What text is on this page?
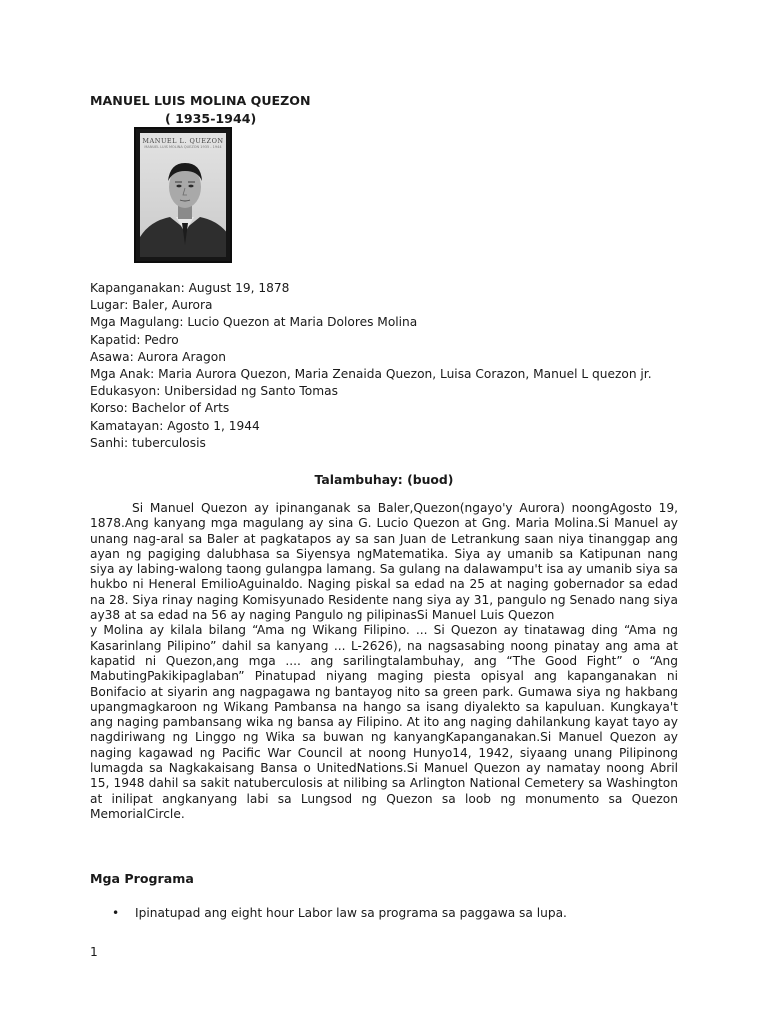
MANUEL LUIS MOLINA QUEZON
( 1935-1944)
MANUEL L. QUEZON
MANUEL LUIS MOLINA QUEZON 1935 - 1944
Kapanganakan: August 19, 1878
Lugar: Baler, Aurora
Mga Magulang: Lucio Quezon at Maria Dolores Molina
Kapatid: Pedro
Asawa: Aurora Aragon
Mga Anak: Maria Aurora Quezon, Maria Zenaida Quezon, Luisa Corazon, Manuel L quezon jr.
Edukasyon: Unibersidad ng Santo Tomas
Korso: Bachelor of Arts
Kamatayan: Agosto 1, 1944
Sanhi: tuberculosis
Talambuhay: (buod)

Si Manuel Quezon ay ipinanganak sa Baler,Quezon(ngayo'y Aurora) noongAgosto 19, 1878.Ang kanyang mga magulang ay sina G. Lucio Quezon at Gng. Maria Molina.Si Manuel ay unang nag-aral sa Baler at pagkatapos ay sa san Juan de Letrankung saan niya tinanggap ang ayan ng pagiging dalubhasa sa Siyensya ngMatematika. Siya ay umanib sa Katipunan nang siya ay labing-walong taong gulangpa lamang. Sa gulang na dalawampu't isa ay umanib siya sa hukbo ni Heneral EmilioAguinaldo. Naging piskal sa edad na 25 at naging gobernador sa edad na 28. Siya rinay naging Komisyunado Residente nang siya ay 31, pangulo ng Senado nang siya ay38 at sa edad na 56 ay naging Pangulo ng pilipinasSi Manuel Luis Quezon

y Molina ay kilala bilang “Ama ng Wikang Filipino. ... Si Quezon ay tinatawag ding “Ama ng Kasarinlang Pilipino” dahil sa kanyang ... L-2626), na nagsasabing noong pinatay ang ama at kapatid ni Quezon,ang mga .... ang sarilingtalambuhay, ang “The Good Fight” o “Ang MabutingPakikipaglaban” Pinatupad niyang maging piesta opisyal ang kapanganakan ni Bonifacio at siyarin ang nagpagawa ng bantayog nito sa green park. Gumawa siya ng hakbang upangmagkaroon ng Wikang Pambansa na hango sa isang diyalekto sa kapuluan. Kungkaya't ang naging pambansang wika ng bansa ay Filipino. At ito ang naging dahilankung kayat tayo ay nagdiriwang ng Linggo ng Wika sa buwan ng kanyangKapanganakan.Si Manuel Quezon ay naging kagawad ng Pacific War Council at noong Hunyo14, 1942, siyaang unang Pilipinong lumagda sa Nagkakaisang Bansa o UnitedNations.Si Manuel Quezon ay namatay noong Abril 15, 1948 dahil sa sakit natuberculosis at nilibing sa Arlington National Cemetery sa Washington at inilipat angkanyang labi sa Lungsod ng Quezon sa loob ng monumento sa Quezon MemorialCircle.

Mga Programa
• Ipinatupad ang eight hour Labor law sa programa sa paggawa sa lupa.
1
